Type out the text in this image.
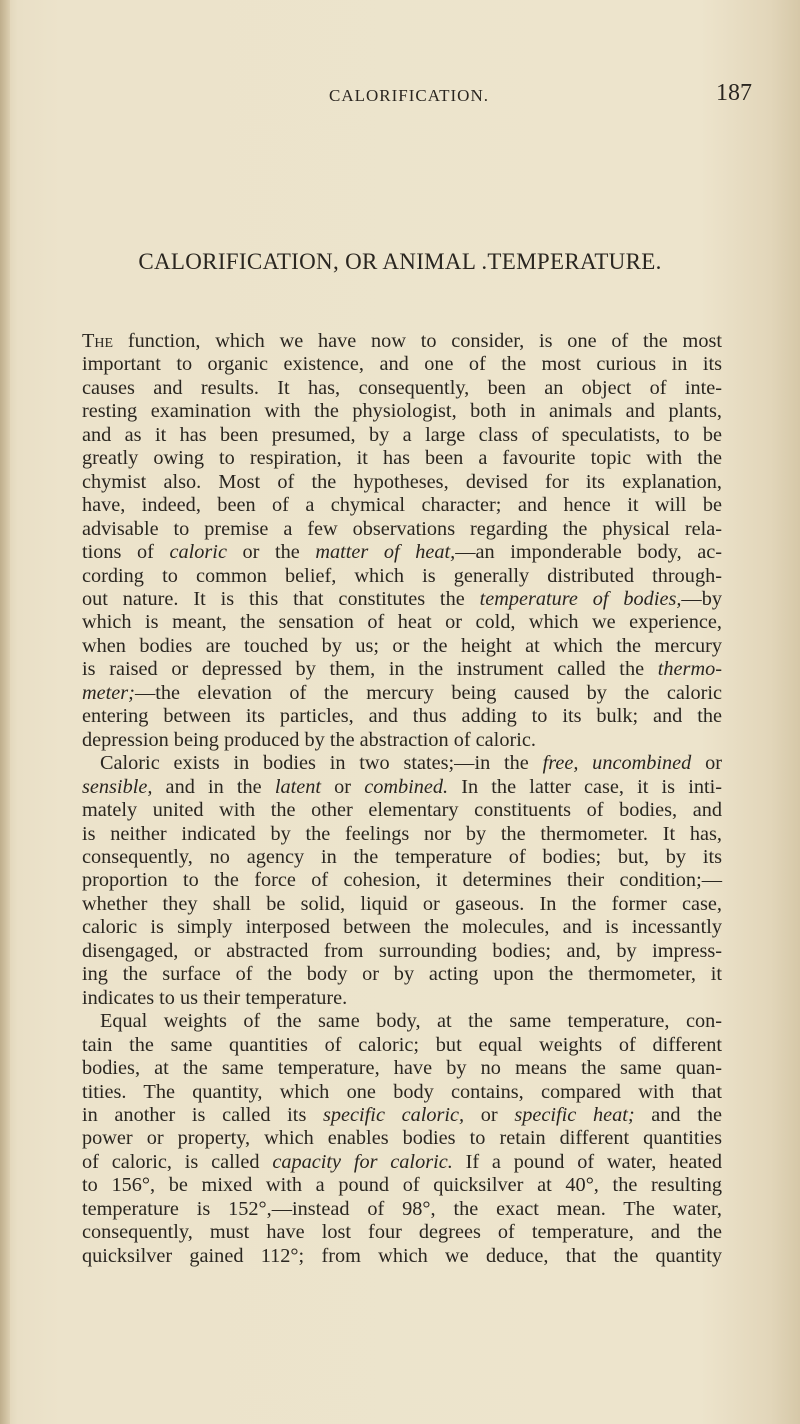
CALORIFICATION.	187
CALORIFICATION, OR ANIMAL .TEMPERATURE.
The function, which we have now to consider, is one of the most
important to organic existence, and one of the most curious in its
causes and results. It has, consequently, been an object of inte-
resting examination with the physiologist, both in animals and plants,
and as it has been presumed, by a large class of speculatists, to be
greatly owing to respiration, it has been a favourite topic with the
chymist also. Most of the hypotheses, devised for its explanation,
have, indeed, been of a chymical character; and hence it will be
advisable to premise a few observations regarding the physical rela-
tions of caloric or the matter of heat,—an imponderable body, ac-
cording to common belief, which is generally distributed through-
out nature. It is this that constitutes the temperature of bodies,—by
which is meant, the sensation of heat or cold, which we experience,
when bodies are touched by us; or the height at which the mercury
is raised or depressed by them, in the instrument called the thermo-
meter;—the elevation of the mercury being caused by the caloric
entering between its particles, and thus adding to its bulk; and the
depression being produced by the abstraction of caloric.
Caloric exists in bodies in two states;—in the free, uncombined or
sensible, and in the latent or combined. In the latter case, it is inti-
mately united with the other elementary constituents of bodies, and
is neither indicated by the feelings nor by the thermometer. It has,
consequently, no agency in the temperature of bodies; but, by its
proportion to the force of cohesion, it determines their condition;—
whether they shall be solid, liquid or gaseous. In the former case,
caloric is simply interposed between the molecules, and is incessantly
disengaged, or abstracted from surrounding bodies; and, by impress-
ing the surface of the body or by acting upon the thermometer, it
indicates to us their temperature.
Equal weights of the same body, at the same temperature, con-
tain the same quantities of caloric; but equal weights of different
bodies, at the same temperature, have by no means the same quan-
tities. The quantity, which one body contains, compared with that
in another is called its specific caloric, or specific heat; and the
power or property, which enables bodies to retain different quantities
of caloric, is called capacity for caloric. If a pound of water, heated
to 156°, be mixed with a pound of quicksilver at 40°, the resulting
temperature is 152°,—instead of 98°, the exact mean. The water,
consequently, must have lost four degrees of temperature, and the
quicksilver gained 112°; from which we deduce, that the quantity
